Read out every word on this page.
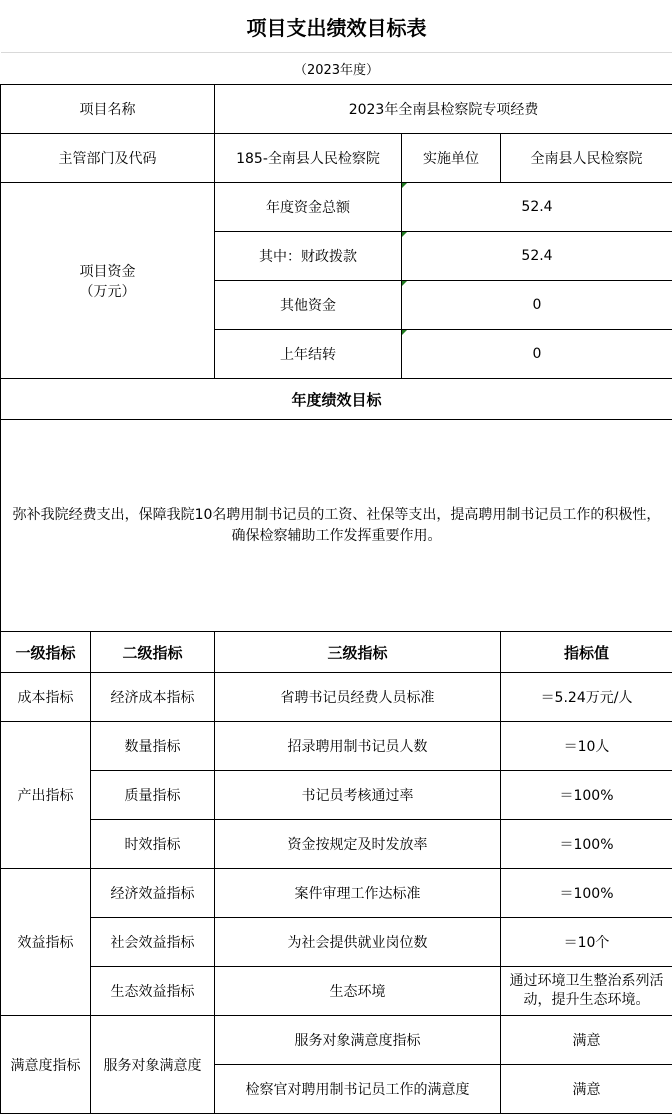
项目支出绩效目标表				
（2023年度）				
项目名称		2023年全南县检察院专项经费		
主管部门及代码		185-全南县人民检察院	实施单位	全南县人民检察院

项目资金
（万元）		年度资金总额	52.4	
		其中：财政拨款	52.4	
		其他资金	0	
		上年结转	0	
年度绩效目标				
弥补我院经费支出，保障我院10名聘用制书记员的工资、社保等支出，提高聘用制书记员工作的积极性，确保检察辅助工作发挥重要作用。				
一级指标	二级指标	三级指标		指标值
成本指标	经济成本指标	省聘书记员经费人员标准		＝5.24万元/人
产出指标	数量指标	招录聘用制书记员人数		＝10人
	质量指标	书记员考核通过率		＝100%
	时效指标	资金按规定及时发放率		＝100%
效益指标	经济效益指标	案件审理工作达标准		＝100%
	社会效益指标	为社会提供就业岗位数		＝10个
	生态效益指标	生态环境		通过环境卫生整治系列活动，提升生态环境。
满意度指标	服务对象满意度	服务对象满意度指标		满意
		检察官对聘用制书记员工作的满意度		满意
